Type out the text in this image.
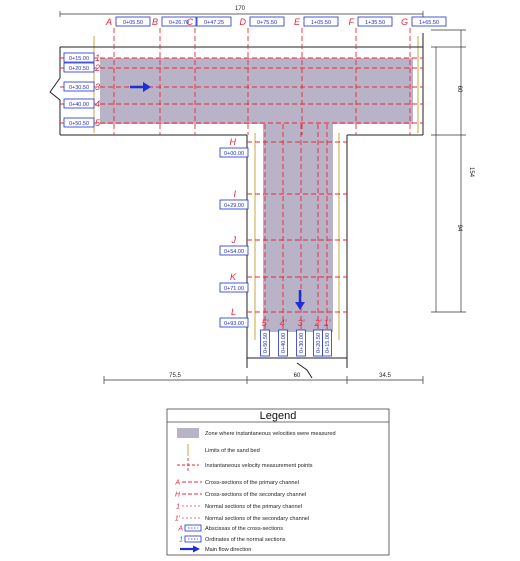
A 0+05.50 B 0+26.70
C 0+47.25 D 0+75.50 E 1+05.50 F 1+35.50 G 1+65.50
1
0+15.00
2
0+20.50
3
0+30.50
4
0+40.00
5
0+50.50
H
0+00.00
I
0+29.00
J
0+54.00
K
0+71.00
L
0+93.00 5'
0+50.50
4'
0+40.00
3'
0+30.00
2'
0+20.50
1'
0+15.00
170
154
60
94
75.5	60	34.5
Legend
Zone where instantaneous velocities were measured
Limits of the sand bed
Instantaneous velocity measurement points
Cross-sections of the primary channel
A
Cross-sections of the secondary channel
H
Normal sections of the primary channel
1
Normal sections of the secondary channel
1'
Abscissas of the cross-sections
A
Ordinates of the normal sections
1
Main flow direction
